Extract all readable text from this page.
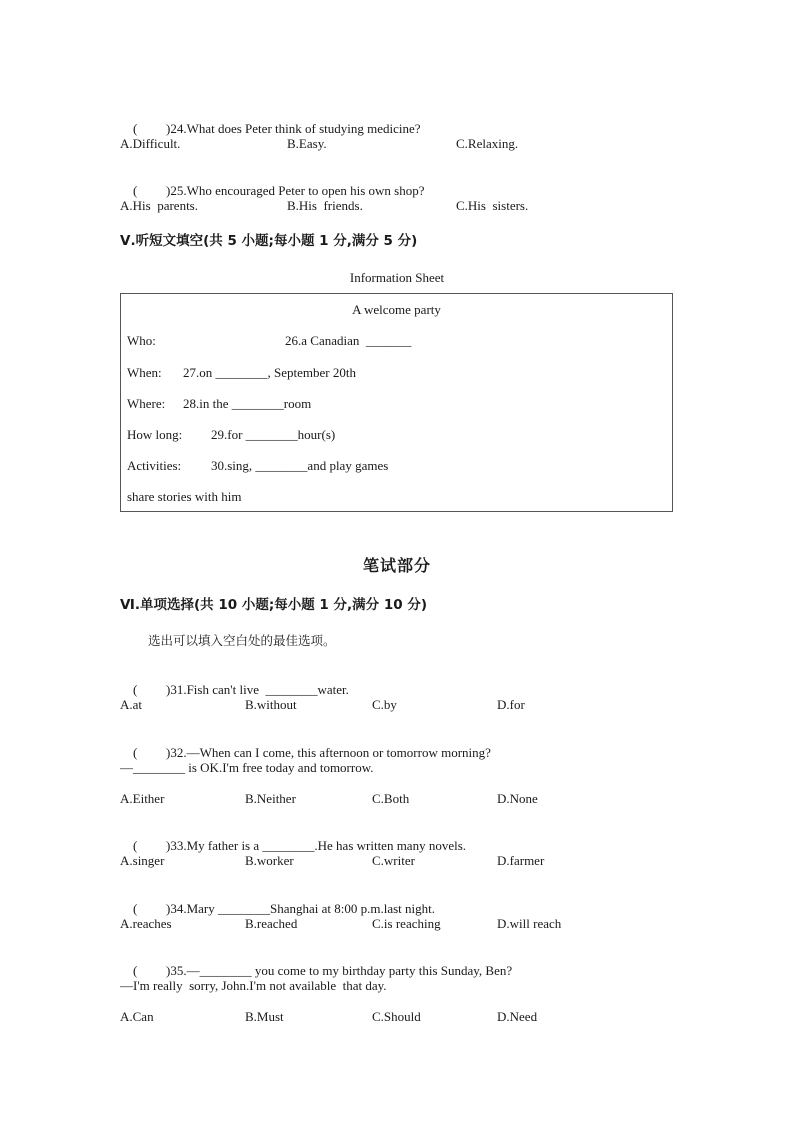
( )24.What does Peter think of studying medicine?

A.Difficult.	B.Easy.	C.Relaxing.

( )25.Who encouraged Peter to open his own shop?

A.His  parents.	B.His  friends.	C.His  sisters.
Ⅴ.听短文填空(共 5 小题;每小题 1 分,满分 5 分)
Information Sheet
A welcome party
Who:	26.a Canadian  _______
When: 27.on ________, September 20th
Where: 28.in the ________room
How long: 29.for ________hour(s)
Activities: 30.sing, ________and play games
share stories with him
笔试部分
Ⅵ.单项选择(共 10 小题;每小题 1 分,满分 10 分)
选出可以填入空白处的最佳选项。

( )31.Fish can't live  ________water.

A.at	B.without	C.by	D.for

( )32.—When can I come, this afternoon or tomorrow morning?

—________ is OK.I'm free today and tomorrow.
A.Either	B.Neither	C.Both	D.None

( )33.My father is a ________.He has written many novels.

A.singer	B.worker	C.writer	D.farmer

( )34.Mary ________Shanghai at 8:00 p.m.last night.

A.reaches	B.reached	C.is reaching	D.will reach

( )35.—________ you come to my birthday party this Sunday, Ben?

—I'm really  sorry, John.I'm not available  that day.
A.Can	B.Must	C.Should	D.Need
